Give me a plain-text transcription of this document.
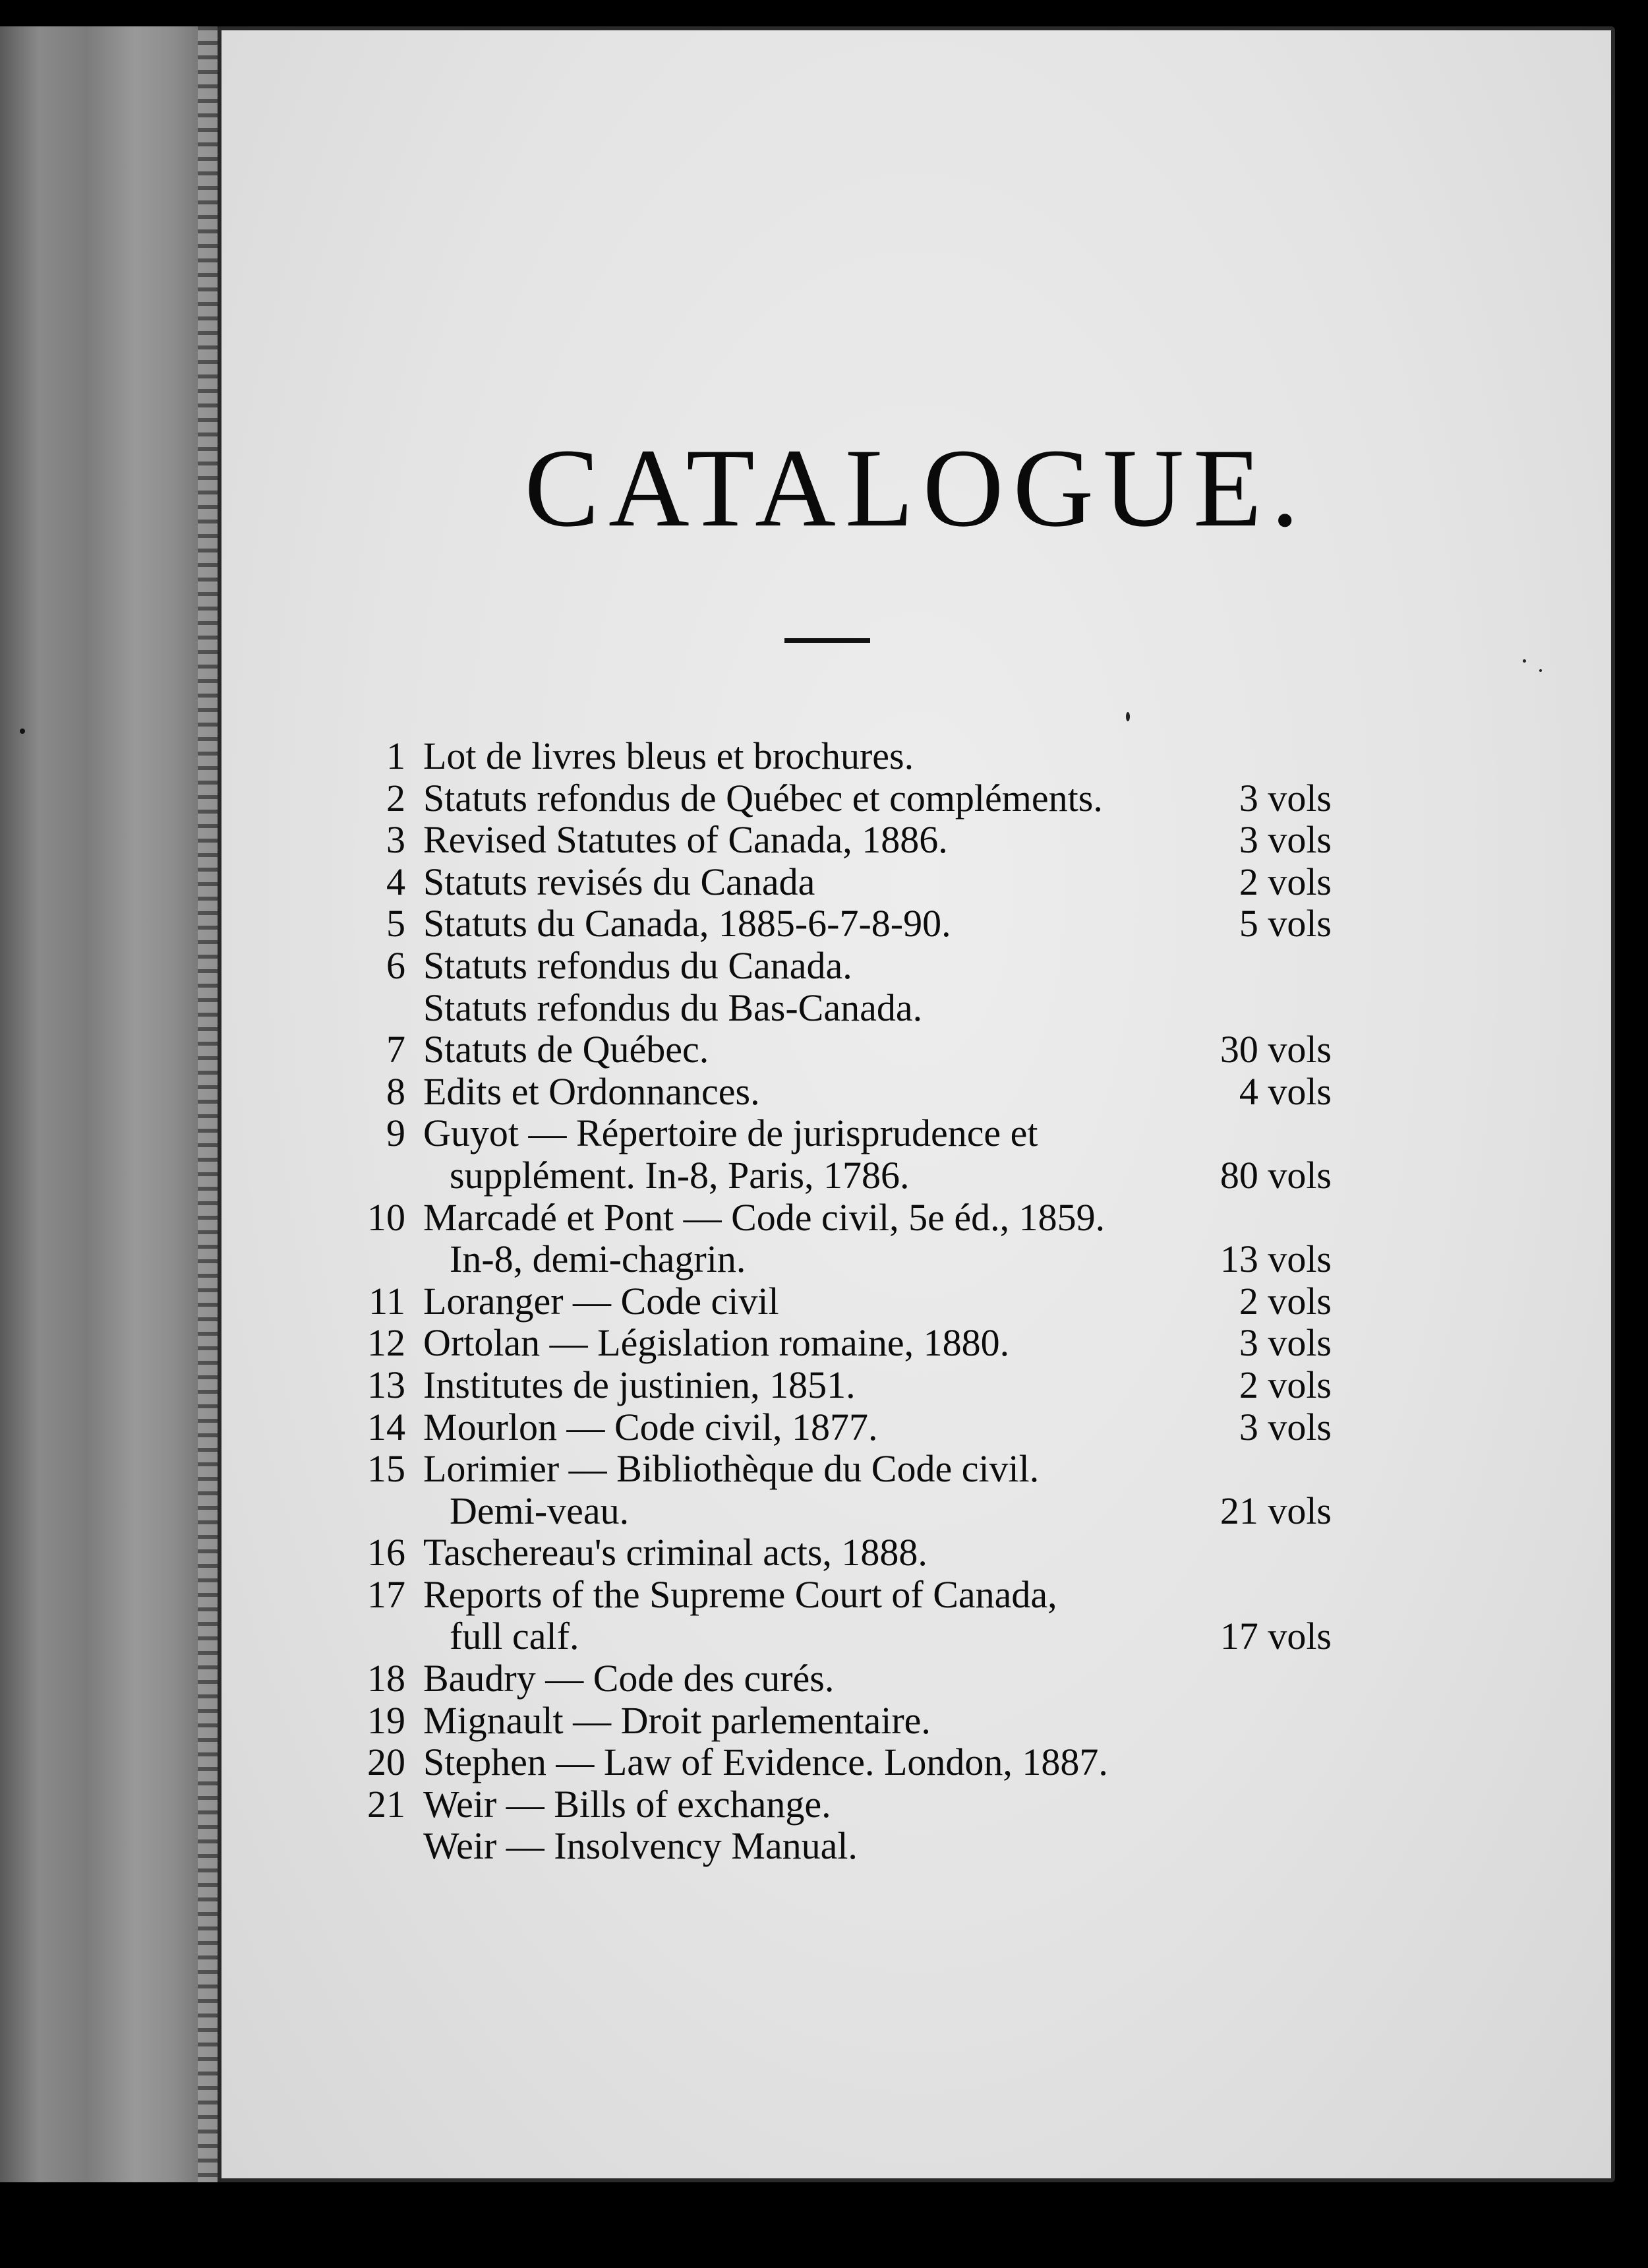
CATALOGUE.
1 Lot de livres bleus et brochures.
2 Statuts refondus de Québec et compléments.	3 vols
3 Revised Statutes of Canada, 1886.	3 vols
4 Statuts revisés du Canada	2 vols
5 Statuts du Canada, 1885-6-7-8-90.	5 vols
6 Statuts refondus du Canada.
Statuts refondus du Bas-Canada.
7 Statuts de Québec.	30 vols
8 Edits et Ordonnances.	4 vols
9 Guyot — Répertoire de jurisprudence et
supplément. In-8, Paris, 1786.	80 vols
10 Marcadé et Pont — Code civil, 5e éd., 1859.
In-8, demi-chagrin.	13 vols
11 Loranger — Code civil	2 vols
12 Ortolan — Législation romaine, 1880.	3 vols
13 Institutes de justinien, 1851.	2 vols
14 Mourlon — Code civil, 1877.	3 vols
15 Lorimier — Bibliothèque du Code civil.
Demi-veau.	21 vols
16 Taschereau's criminal acts, 1888.
17 Reports of the Supreme Court of Canada,
full calf.	17 vols
18 Baudry — Code des curés.
19 Mignault — Droit parlementaire.
20 Stephen — Law of Evidence. London, 1887.
21 Weir — Bills of exchange.
Weir — Insolvency Manual.
